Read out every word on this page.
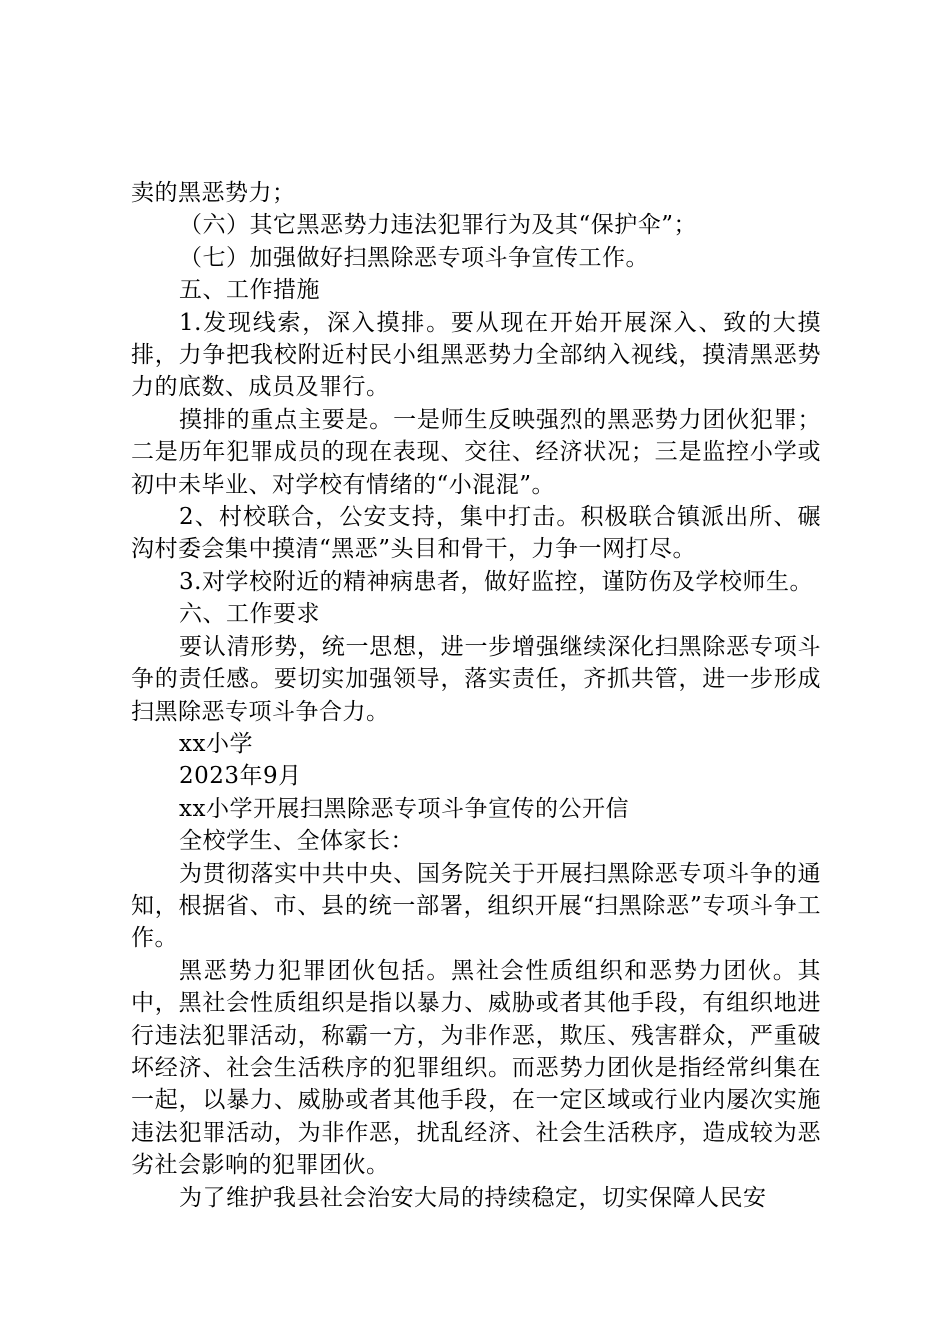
卖的黑恶势力；

（六）其它黑恶势力违法犯罪行为及其“保护伞”；

（七）加强做好扫黑除恶专项斗争宣传工作。

五、工作措施

1.发现线索，深入摸排。要从现在开始开展深入、致的大摸排，力争把我校附近村民小组黑恶势力全部纳入视线，摸清黑恶势力的底数、成员及罪行。

摸排的重点主要是。一是师生反映强烈的黑恶势力团伙犯罪；二是历年犯罪成员的现在表现、交往、经济状况；三是监控小学或初中未毕业、对学校有情绪的“小混混”。

2、村校联合，公安支持，集中打击。积极联合镇派出所、碾沟村委会集中摸清“黑恶”头目和骨干，力争一网打尽。

3.对学校附近的精神病患者，做好监控，谨防伤及学校师生。

六、工作要求

要认清形势，统一思想，进一步增强继续深化扫黑除恶专项斗争的责任感。要切实加强领导，落实责任，齐抓共管，进一步形成扫黑除恶专项斗争合力。

xx小学

2023年9月

xx小学开展扫黑除恶专项斗争宣传的公开信

全校学生、全体家长：

为贯彻落实中共中央、国务院关于开展扫黑除恶专项斗争的通知，根据省、市、县的统一部署，组织开展“扫黑除恶”专项斗争工作。

黑恶势力犯罪团伙包括。黑社会性质组织和恶势力团伙。其中，黑社会性质组织是指以暴力、威胁或者其他手段，有组织地进行违法犯罪活动，称霸一方，为非作恶，欺压、残害群众，严重破坏经济、社会生活秩序的犯罪组织。而恶势力团伙是指经常纠集在一起，以暴力、威胁或者其他手段，在一定区域或行业内屡次实施违法犯罪活动，为非作恶，扰乱经济、社会生活秩序，造成较为恶劣社会影响的犯罪团伙。

为了维护我县社会治安大局的持续稳定，切实保障人民安
